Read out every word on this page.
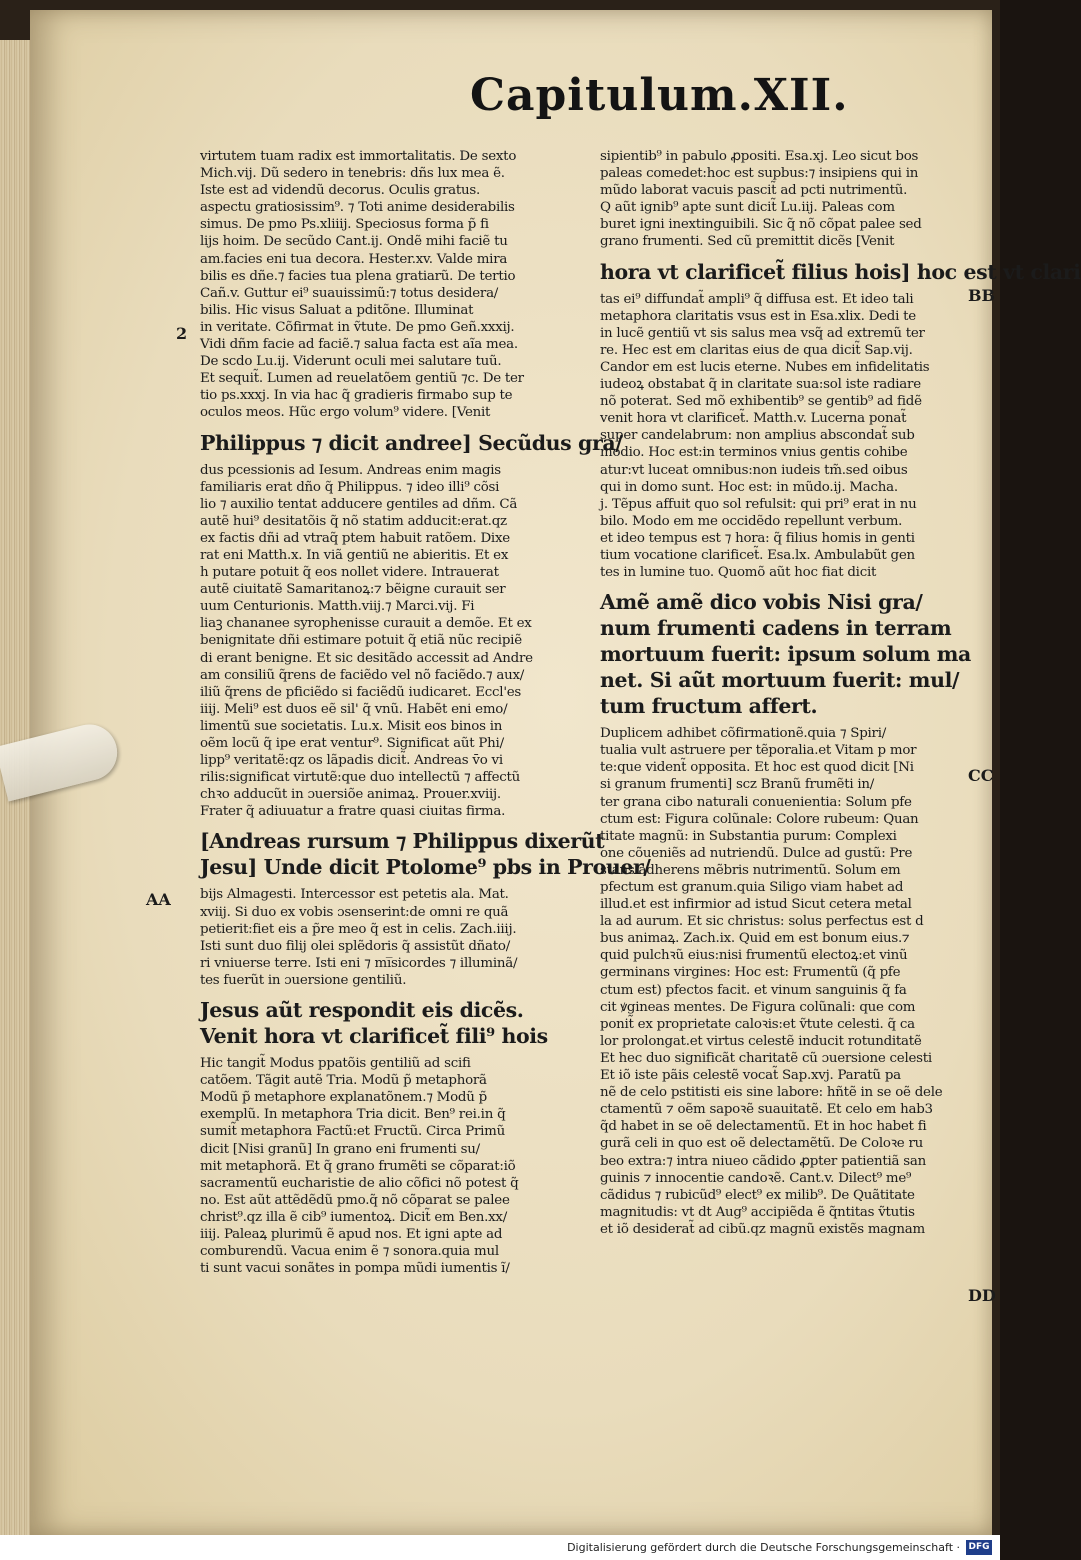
Capitulum.XII.
virtutem tuam radix est immortalitatis. De sexto
Mich.vij. Dũ sedero in tenebris: dñs lux mea ẽ.
Iste est ad videndũ decorus. Oculis gratus.
aspectu gratiosissim⁹. ⁊ Toti anime desiderabilis
simus. De pmo Ps.xliiij. Speciosus forma p̃ fi
lijs hoim. De secũdo Cant.ij. Ondẽ mihi faciẽ tu
am.facies eni tua decora. Hester.xv. Valde mira
bilis es dñe.⁊ facies tua plena gratiarũ. De tertio
Cañ.v. Guttur ei⁹ suauissimũ:⁊ totus desidera/
bilis. Hic visus Saluat a pditõne. Illuminat
in veritate. Cõfirmat in ṽtute. De pmo Geñ.xxxij.
Vidi dñm facie ad faciẽ.⁊ salua facta est aĩa mea.
De scdo Lu.ij. Viderunt oculi mei salutare tuũ.
Et sequit̃. Lumen ad reuelatõem gentiũ ⁊c. De ter
tio ps.xxxj. In via hac q̃ gradieris firmabo sup te
oculos meos. Hũc ergo volum⁹ videre. [Venit
Philippus ⁊ dicit andree] Secũdus gra/
dus pcessionis ad Iesum. Andreas enim magis
familiaris erat dño q̃ Philippus. ⁊ ideo illi⁹ cõsi
lio ⁊ auxilio tentat adducere gentiles ad dñm. Cã
autẽ hui⁹ desitatõis q̃ nõ statim adducit:erat.qz
ex factis dñi ad vtraq̃ ptem habuit ratõem. Dixe
rat eni Matth.x. In viã gentiũ ne abieritis. Et ex
h putare potuit q̃ eos nollet videre. Intrauerat
autẽ ciuitatẽ Samaritanoꝝ:⁊ bẽigne curauit ser
uum Centurionis. Matth.viij.⁊ Marci.vij. Fi
liaꝫ chananee syrophenisse curauit a demõe. Et ex
benignitate dñi estimare potuit q̃ etiã nũc recipiẽ
di erant benigne. Et sic desitãdo accessit ad Andre
am consiliũ q̃rens de faciẽdo vel nõ faciẽdo.⁊ aux/
iliũ q̃rens de pficiẽdo si faciẽdũ iudicaret. Eccl'es
iiij. Meli⁹ est duos eẽ sil' q̃ vnũ. Habẽt eni emo/
limentũ sue societatis. Lu.x. Misit eos binos in
oẽm locũ q̃ ipe erat ventur⁹. Significat aũt Phi/
lipp⁹ veritatẽ:qz os lãpadis dicit̃. Andreas v̄o vi
rilis:significat virtutẽ:que duo intellectũ ⁊ affectũ
chꝛo adducũt in ɔuersiõe animaꝝ. Prouer.xviij.
Frater q̃ adiuuatur a fratre quasi ciuitas firma.
[Andreas rursum ⁊ Philippus dixerũt
Jesu] Unde dicit Ptolome⁹ pbs in Prouer/
bijs Almagesti. Intercessor est petetis ala. Mat.
xviij. Si duo ex vobis ɔsenserint:de omni re quã
petierit:fiet eis a p̃re meo q̃ est in celis. Zach.iiij.
Isti sunt duo filij olei splẽdoris q̃ assistũt dñato/
ri vniuerse terre. Isti eni ⁊ mi̅sicordes ⁊ illuminã/
tes fuerũt in ɔuersione gentiliũ.
Jesus aũt respondit eis dicẽs.
Venit hora vt clarificet̃ fili⁹ hois
Hic tangit̃ Modus ppatõis gentiliũ ad scifi
catõem. Tãgit autẽ Tria. Modũ p̃ metaphorã
Modũ p̃ metaphore explanatõnem.⁊ Modũ p̃
exemplũ. In metaphora Tria dicit. Ben⁹ rei.in q̃
sumit̃ metaphora Factũ:et Fructũ. Circa Primũ
dicit [Nisi granũ] In grano eni frumenti su/
mit metaphorã. Et q̃ grano frumẽti se cõparat:iõ
sacramentũ eucharistie de alio cõfici nõ potest q̃
no. Est aũt attẽdẽdũ pmo.q̃ nõ cõparat se palee
christ⁹.qz illa ẽ cib⁹ iumentoꝝ. Dicit̃ em Ben.xx/
iiij. Paleaꝝ plurimũ ẽ apud nos. Et igni apte ad
comburendũ. Vacua enim ẽ ⁊ sonora.quia mul
ti sunt vacui sonãtes in pompa mũdi iumentis ĩ/
sipientib⁹ in pabulo ꝓpositi. Esa.xj. Leo sicut bos
paleas comedet:hoc est supbus:⁊ insipiens qui in
mũdo laborat vacuis pascit̃ ad pcti nutrimentũ.
Q aũt ignib⁹ apte sunt dicit̃ Lu.iij. Paleas com
buret igni inextinguibili. Sic q̃ nõ cõpat palee sed
grano frumenti. Sed cũ premittit dicẽs [Venit
hora vt clarificet̃ filius hois] hoc est vt clari
tas ei⁹ diffundat̃ ampli⁹ q̃ diffusa est. Et ideo tali
metaphora claritatis vsus est in Esa.xlix. Dedi te
in lucẽ gentiũ vt sis salus mea vsq̃ ad extremũ ter
re. Hec est em claritas eius de qua dicit̃ Sap.vij.
Candor em est lucis eterne. Nubes em infidelitatis
iudeoꝝ obstabat q̃ in claritate sua:sol iste radiare
nõ poterat. Sed mõ exhibentib⁹ se gentib⁹ ad fidẽ
venit hora vt clarificet̃. Matth.v. Lucerna ponat̃
super candelabrum: non amplius abscondat̃ sub
modio. Hoc est:in terminos vnius gentis cohibe
atur:vt luceat omnibus:non iudeis tm̃.sed oibus
qui in domo sunt. Hoc est: in mũdo.ij. Macha.
j. Tẽpus affuit quo sol refulsit: qui pri⁹ erat in nu
bilo. Modo em me occidẽdo repellunt verbum.
et ideo tempus est ⁊ hora: q̃ filius homis in genti
tium vocatione clarificet̃. Esa.lx. Ambulabũt gen
tes in lumine tuo. Quomõ aũt hoc fiat dicit
Amẽ amẽ dico vobis Nisi gra/
num frumenti cadens in terram
mortuum fuerit: ipsum solum ma
net. Si aũt mortuum fuerit: mul/
tum fructum affert.
Duplicem adhibet cõfirmationẽ.quia ⁊ Spiri/
tualia vult astruere per tẽporalia.et Vitam p mor
te:que vident̃ opposita. Et hoc est quod dicit [Ni
si granum frumenti] scz Branũ frumẽti in/
ter grana cibo naturali conuenientia: Solum pfe
ctum est: Figura colũnale: Colore rubeum: Quan
titate magnũ: in Substantia purum: Complexi
one cõueniẽs ad nutriendũ. Dulce ad gustũ: Pre
stans adherens mẽbris nutrimentũ. Solum em
pfectum est granum.quia Siligo viam habet ad
illud.et est infirmior ad istud Sicut cetera metal
la ad aurum. Et sic christus: solus perfectus est d
bus animaꝝ. Zach.ix. Quid em est bonum eius.⁊
quid pulchꝛũ eius:nisi frumentũ electoꝝ:et vinũ
germinans virgines: Hoc est: Frumentũ (q̃ pfe
ctum est) pfectos facit. et vinum sanguinis q̃ fa
cit ꝟgineas mentes. De Figura colũnali: que com
ponit̃ ex proprietate caloꝛis:et ṽtute celesti. q̃ ca
lor prolongat.et virtus celestẽ inducit rotunditatẽ
Et hec duo significãt charitatẽ cũ ɔuersione celesti
Et iõ iste pãis celestẽ vocat̃ Sap.xvj. Paratũ pa
nẽ de celo pstitisti eis sine labore: hñtẽ in se oẽ dele
ctamentũ ⁊ oẽm sapoꝛẽ suauitatẽ. Et celo em hab3
q̃d habet in se oẽ delectamentũ. Et in hoc habet fi
gurã celi in quo est oẽ delectamẽtũ. De Coloꝛe ru
beo extra:⁊ intra niueo cãdido ꝓpter patientiã san
guinis ⁊ innocentie candoꝛẽ. Cant.v. Dilect⁹ me⁹
cãdidus ⁊ rubicũd⁹ elect⁹ ex milib⁹. De Quãtitate
magnitudis: vt dt Aug⁹ accipiẽda ẽ q̃ntitas ṽtutis
et iõ desiderat̃ ad cibũ.qz magnũ existẽs magnam
2
AA
BB
CC
DD
Digitalisierung gefördert durch die Deutsche Forschungsgemeinschaft · DFG
